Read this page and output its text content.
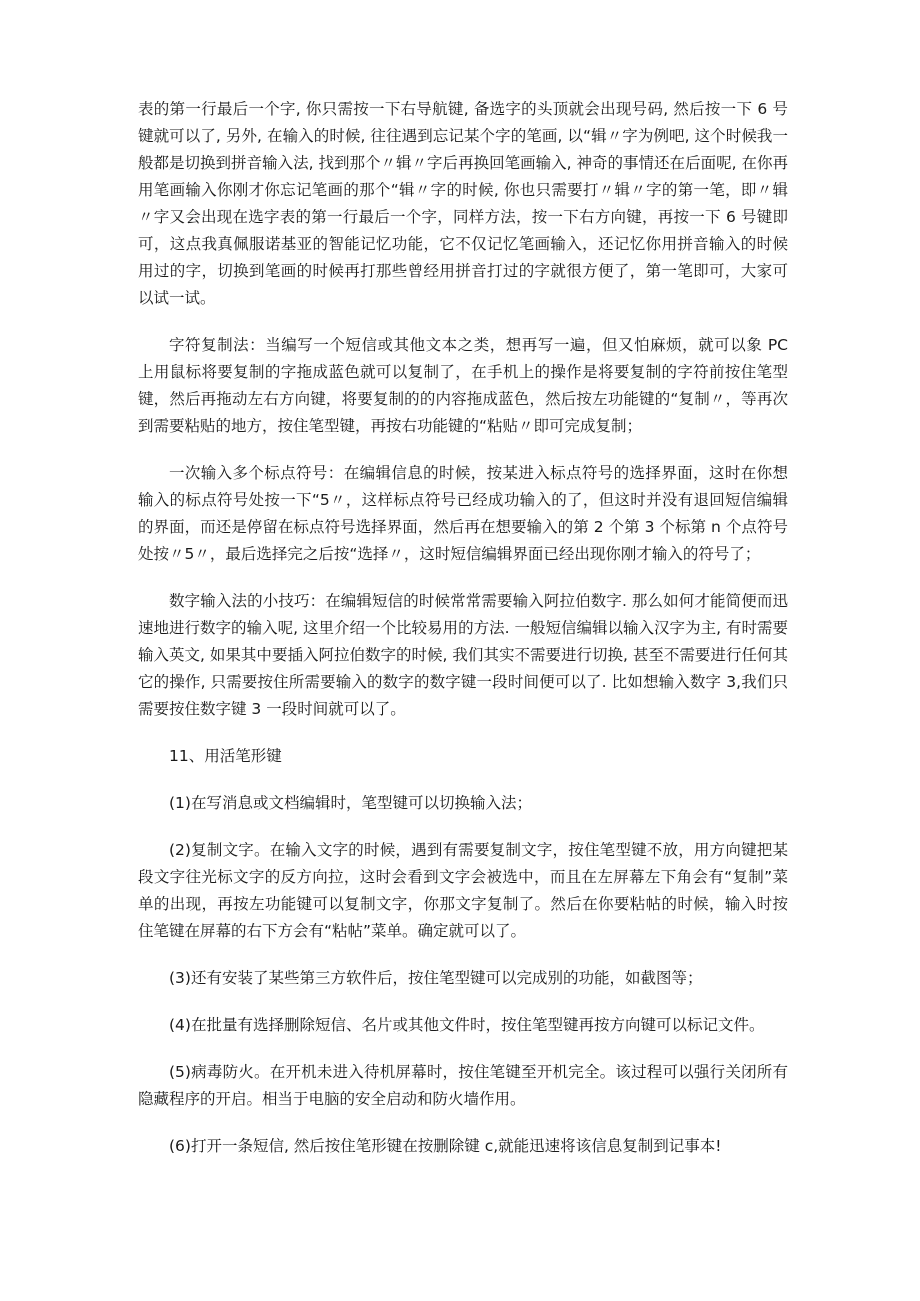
表的第一行最后一个字, 你只需按一下右导航键, 备选字的头顶就会出现号码, 然后按一下 6 号键就可以了, 另外, 在输入的时候, 往往遇到忘记某个字的笔画, 以“辑〃字为例吧, 这个时候我一般都是切换到拼音输入法, 找到那个〃辑〃字后再换回笔画输入, 神奇的事情还在后面呢, 在你再用笔画输入你刚才你忘记笔画的那个“辑〃字的时候, 你也只需要打〃辑〃字的第一笔，即〃辑〃字又会出现在选字表的第一行最后一个字，同样方法，按一下右方向键，再按一下 6 号键即可，这点我真佩服诺基亚的智能记忆功能，它不仅记忆笔画输入，还记忆你用拼音输入的时候用过的字，切换到笔画的时候再打那些曾经用拼音打过的字就很方便了，第一笔即可，大家可以试一试。

字符复制法：当编写一个短信或其他文本之类，想再写一遍，但又怕麻烦，就可以象 PC 上用鼠标将要复制的字拖成蓝色就可以复制了，在手机上的操作是将要复制的字符前按住笔型键，然后再拖动左右方向键，将要复制的的内容拖成蓝色，然后按左功能键的“复制〃，等再次到需要粘贴的地方，按住笔型键，再按右功能键的“粘贴〃即可完成复制；

一次输入多个标点符号：在编辑信息的时候，按某进入标点符号的选择界面，这时在你想输入的标点符号处按一下“5〃，这样标点符号已经成功输入的了，但这时并没有退回短信编辑的界面，而还是停留在标点符号选择界面，然后再在想要输入的第 2 个第 3 个标第 n 个点符号处按〃5〃，最后选择完之后按“选择〃，这时短信编辑界面已经出现你刚才输入的符号了；

数字输入法的小技巧：在编辑短信的时候常常需要输入阿拉伯数字. 那么如何才能简便而迅速地进行数字的输入呢, 这里介绍一个比较易用的方法. 一般短信编辑以输入汉字为主, 有时需要输入英文, 如果其中要插入阿拉伯数字的时候, 我们其实不需要进行切换, 甚至不需要进行任何其它的操作, 只需要按住所需要输入的数字的数字键一段时间便可以了. 比如想输入数字 3,我们只需要按住数字键 3 一段时间就可以了。

11、用活笔形键

(1)在写消息或文档编辑时，笔型键可以切换输入法；

(2)复制文字。在输入文字的时候，遇到有需要复制文字，按住笔型键不放，用方向键把某段文字往光标文字的反方向拉，这时会看到文字会被选中，而且在左屏幕左下角会有“复制”菜单的出现，再按左功能键可以复制文字，你那文字复制了。然后在你要粘帖的时候，输入时按住笔键在屏幕的右下方会有“粘帖”菜单。确定就可以了。

(3)还有安装了某些第三方软件后，按住笔型键可以完成别的功能，如截图等；

(4)在批量有选择删除短信、名片或其他文件时，按住笔型键再按方向键可以标记文件。

(5)病毒防火。在开机未进入待机屏幕时，按住笔键至开机完全。该过程可以强行关闭所有隐藏程序的开启。相当于电脑的安全启动和防火墙作用。

(6)打开一条短信, 然后按住笔形键在按删除键 c,就能迅速将该信息复制到记事本!
